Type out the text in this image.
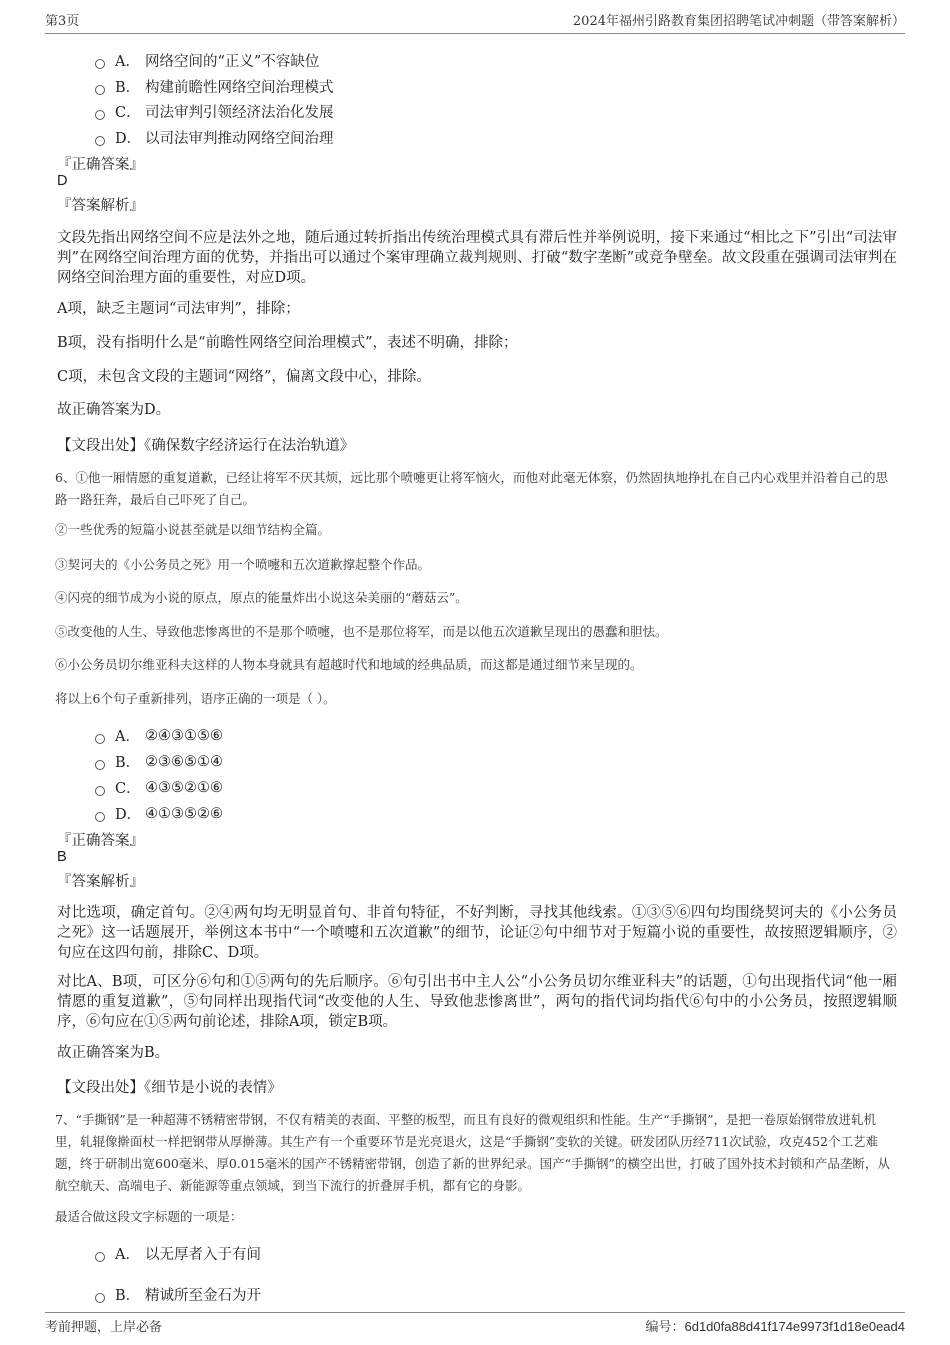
第3页	2024年福州引路教育集团招聘笔试冲刺题（带答案解析）
A． 网络空间的“正义”不容缺位
B． 构建前瞻性网络空间治理模式
C． 司法审判引领经济法治化发展
D． 以司法审判推动网络空间治理
『正确答案』
D
『答案解析』
文段先指出网络空间不应是法外之地，随后通过转折指出传统治理模式具有滞后性并举例说明，接下来通过“相比之下”引出“司法审判”在网络空间治理方面的优势，并指出可以通过个案审理确立裁判规则、打破“数字垄断”或竞争壁垒。故文段重在强调司法审判在网络空间治理方面的重要性，对应D项。
A项，缺乏主题词“司法审判”，排除；
B项，没有指明什么是“前瞻性网络空间治理模式”，表述不明确，排除；
C项，未包含文段的主题词“网络”，偏离文段中心，排除。
故正确答案为D。
【文段出处】《确保数字经济运行在法治轨道》
6、①他一厢情愿的重复道歉，已经让将军不厌其烦，远比那个喷嚏更让将军恼火，而他对此毫无体察，仍然固执地挣扎在自己内心戏里并沿着自己的思路一路狂奔，最后自己吓死了自己。
②一些优秀的短篇小说甚至就是以细节结构全篇。
③契诃夫的《小公务员之死》用一个喷嚏和五次道歉撑起整个作品。
④闪亮的细节成为小说的原点，原点的能量炸出小说这朵美丽的“蘑菇云”。
⑤改变他的人生、导致他悲惨离世的不是那个喷嚏，也不是那位将军，而是以他五次道歉呈现出的愚蠢和胆怯。
⑥小公务员切尔维亚科夫这样的人物本身就具有超越时代和地域的经典品质，而这都是通过细节来呈现的。
将以上6个句子重新排列，语序正确的一项是（ ）。
A． ②④③①⑤⑥
B． ②③⑥⑤①④
C． ④③⑤②①⑥
D． ④①③⑤②⑥
『正确答案』
B
『答案解析』
对比选项，确定首句。②④两句均无明显首句、非首句特征，不好判断，寻找其他线索。①③⑤⑥四句均围绕契诃夫的《小公务员之死》这一话题展开，举例这本书中“一个喷嚏和五次道歉”的细节，论证②句中细节对于短篇小说的重要性，故按照逻辑顺序，②句应在这四句前，排除C、D项。
对比A、B项，可区分⑥句和①⑤两句的先后顺序。⑥句引出书中主人公“小公务员切尔维亚科夫”的话题，①句出现指代词“他一厢情愿的重复道歉”，⑤句同样出现指代词“改变他的人生、导致他悲惨离世”，两句的指代词均指代⑥句中的小公务员，按照逻辑顺序，⑥句应在①⑤两句前论述，排除A项，锁定B项。
故正确答案为B。
【文段出处】《细节是小说的表情》
7、“手撕钢”是一种超薄不锈精密带钢，不仅有精美的表面、平整的板型，而且有良好的微观组织和性能。生产“手撕钢”，是把一卷原始钢带放进轧机里，轧辊像擀面杖一样把钢带从厚擀薄。其生产有一个重要环节是光亮退火，这是“手撕钢”变软的关键。研发团队历经711次试验，攻克452个工艺难题，终于研制出宽600毫米、厚0.015毫米的国产不锈精密带钢，创造了新的世界纪录。国产“手撕钢”的横空出世，打破了国外技术封锁和产品垄断，从航空航天、高端电子、新能源等重点领域，到当下流行的折叠屏手机，都有它的身影。
最适合做这段文字标题的一项是：
A． 以无厚者入于有间
B． 精诚所至金石为开
考前押题，上岸必备	编号：6d1d0fa88d41f174e9973f1d18e0ead4
